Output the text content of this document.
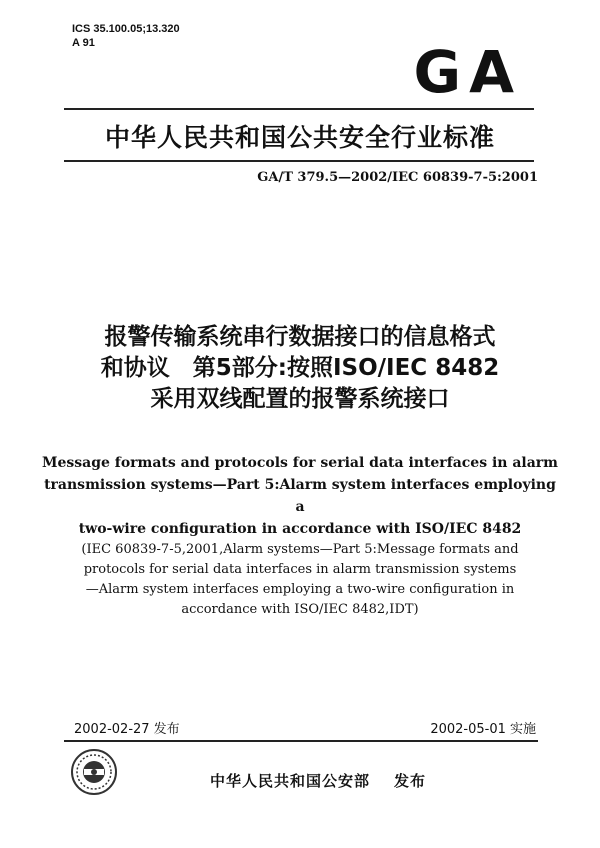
ICS 35.100.05;13.320
A 91	GA
中华人民共和国公共安全行业标准
GA/T 379.5—2002/IEC 60839-7-5:2001
报警传输系统串行数据接口的信息格式
和协议　第5部分:按照ISO/IEC 8482
采用双线配置的报警系统接口
Message formats and protocols for serial data interfaces in alarm
transmission systems—Part 5:Alarm system interfaces employing a
two-wire configuration in accordance with ISO/IEC 8482
(IEC 60839-7-5,2001,Alarm systems—Part 5:Message formats and
protocols for serial data interfaces in alarm transmission systems
—Alarm system interfaces employing a two-wire configuration in
accordance with ISO/IEC 8482,IDT)
2002-02-27 发布	2002-05-01 实施
中华人民共和国公安部 发布
